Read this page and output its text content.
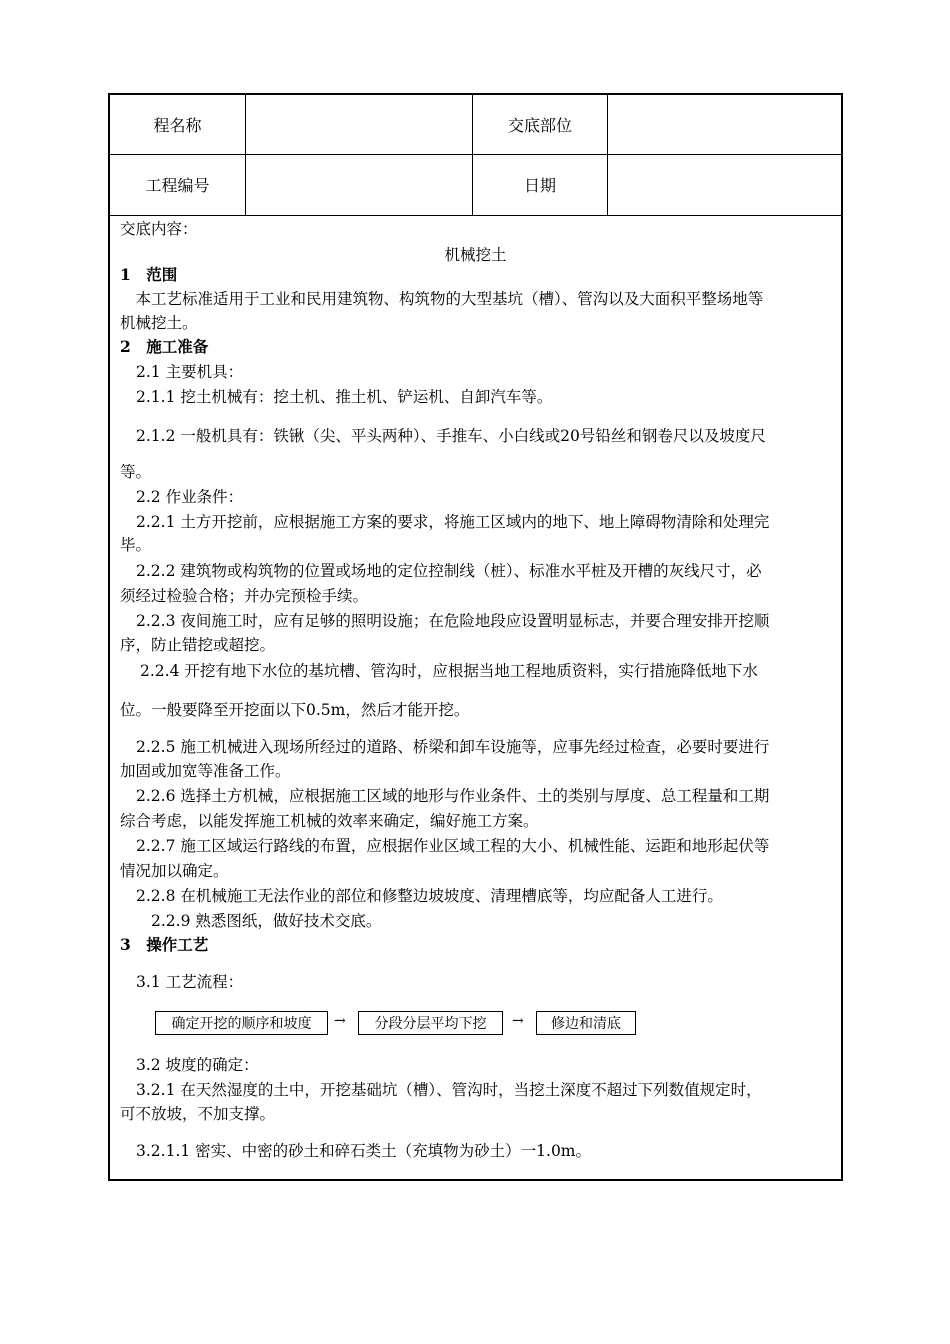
程名称	交底部位
工程编号	日期
交底内容：
机械挖土
1　范围
　本工艺标准适用于工业和民用建筑物、构筑物的大型基坑（槽）、管沟以及大面积平整场地等
机械挖土。
2　施工准备
2.1 主要机具：
2.1.1 挖土机械有：挖土机、推土机、铲运机、自卸汽车等。
2.1.2 一般机具有：铁锹（尖、平头两种）、手推车、小白线或20号铅丝和钢卷尺以及坡度尺
等。
2.2 作业条件：
2.2.1 土方开挖前，应根据施工方案的要求，将施工区域内的地下、地上障碍物清除和处理完
毕。
2.2.2 建筑物或构筑物的位置或场地的定位控制线（桩）、标准水平桩及开槽的灰线尺寸，必
须经过检验合格；并办完预检手续。
2.2.3 夜间施工时，应有足够的照明设施；在危险地段应设置明显标志，并要合理安排开挖顺
序，防止错挖或超挖。
2.2.4 开挖有地下水位的基坑槽、管沟时，应根据当地工程地质资料，实行措施降低地下水
位。一般要降至开挖面以下0.5m，然后才能开挖。
2.2.5 施工机械进入现场所经过的道路、桥梁和卸车设施等，应事先经过检查，必要时要进行
加固或加宽等准备工作。
2.2.6 选择土方机械，应根据施工区域的地形与作业条件、土的类别与厚度、总工程量和工期
综合考虑，以能发挥施工机械的效率来确定，编好施工方案。
2.2.7 施工区域运行路线的布置，应根据作业区域工程的大小、机械性能、运距和地形起伏等
情况加以确定。
2.2.8 在机械施工无法作业的部位和修整边坡坡度、清理槽底等，均应配备人工进行。
2.2.9 熟悉图纸，做好技术交底。
3　操作工艺
3.1 工艺流程：
确定开挖的顺序和坡度	→	分段分层平均下挖	→	修边和清底
3.2 坡度的确定：
3.2.1 在天然湿度的土中，开挖基础坑（槽）、管沟时，当挖土深度不超过下列数值规定时，
可不放坡，不加支撑。
3.2.1.1 密实、中密的砂土和碎石类土（充填物为砂土）一1.0m。
